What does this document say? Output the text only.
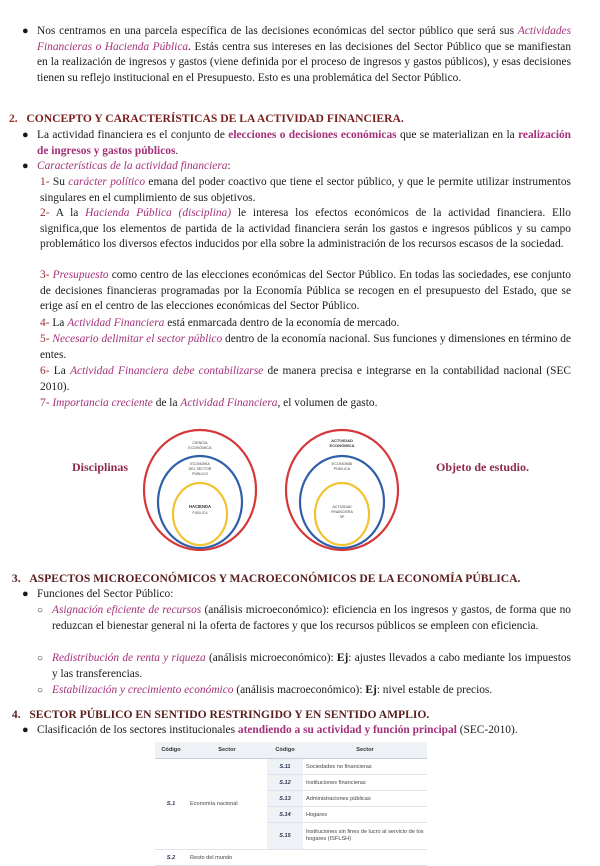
● Nos centramos en una parcela específica de las decisiones económicas del sector público que será sus Actividades Financieras o Hacienda Pública. Estás centra sus intereses en las decisiones del Sector Público que se manifiestan en la realización de ingresos y gastos (viene definida por el proceso de ingresos y gastos públicos), y esas decisiones tienen su reflejo institucional en el Presupuesto. Esto es una problemática del Sector Público.
2. CONCEPTO Y CARACTERÍSTICAS DE LA ACTIVIDAD FINANCIERA.
● La actividad financiera es el conjunto de elecciones o decisiones económicas que se materializan en la realización de ingresos y gastos públicos.
● Características de la actividad financiera:
1- Su carácter político emana del poder coactivo que tiene el sector público, y que le permite utilizar instrumentos singulares en el cumplimiento de sus objetivos.
2- A la Hacienda Pública (disciplina) le interesa los efectos económicos de la actividad financiera. Ello significa,que los elementos de partida de la actividad financiera serán los gastos e ingresos públicos y su campo problemático los diversos efectos inducidos por ella sobre la administración de los recursos escasos de la sociedad.
3- Presupuesto como centro de las elecciones económicas del Sector Público. En todas las sociedades, ese conjunto de decisiones financieras programadas por la Economía Pública se recogen en el presupuesto del Estado, que se erige así en el centro de las elecciones económicas del Sector Público.
4- La Actividad Financiera está enmarcada dentro de la economía de mercado.
5- Necesario delimitar el sector público dentro de la economía nacional. Sus funciones y dimensiones en término de entes.
6- La Actividad Financiera debe contabilizarse de manera precisa e integrarse en la contabilidad nacional (SEC 2010).
7- Importancia creciente de la Actividad Financiera, el volumen de gasto.
Disciplinas	Objeto de estudio.
CIENCIA
ECONÓMICA
ECONOMÍA
DEL SECTOR
PÚBLICO
HACIENDA
PÚBLICA
ACTIVIDAD
ECONÓMICA
ECONOMÍA
PÚBLICA
ACTIVIDAD
FINANCIERA
SP
3. ASPECTOS MICROECONÓMICOS Y MACROECONÓMICOS DE LA ECONOMÍA PÚBLICA.
● Funciones del Sector Público:
○ Asignación eficiente de recursos (análisis microeconómico): eficiencia en los ingresos y gastos, de forma que no reduzcan el bienestar general ni la oferta de factores y que los recursos públicos se empleen con eficiencia.
○ Redistribución de renta y riqueza (análisis microeconómico): Ej: ajustes llevados a cabo mediante los impuestos y las transferencias.
○ Estabilización y crecimiento económico (análisis macroeconómico): Ej: nivel estable de precios.
4. SECTOR PÚBLICO EN SENTIDO RESTRINGIDO Y EN SENTIDO AMPLIO.
● Clasificación de los sectores institucionales atendiendo a su actividad y función principal (SEC-2010).
Código	Sector	Código	Sector
S.1	Economía nacional	S.11	Sociedades no financieras
		S.12	Instituciones financieras
		S.13	Administraciones públicas
		S.14	Hogares
		S.15	Instituciones sin fines de lucro al servicio de los hogares (ISFLSH)
S.2	Resto del mundo		
